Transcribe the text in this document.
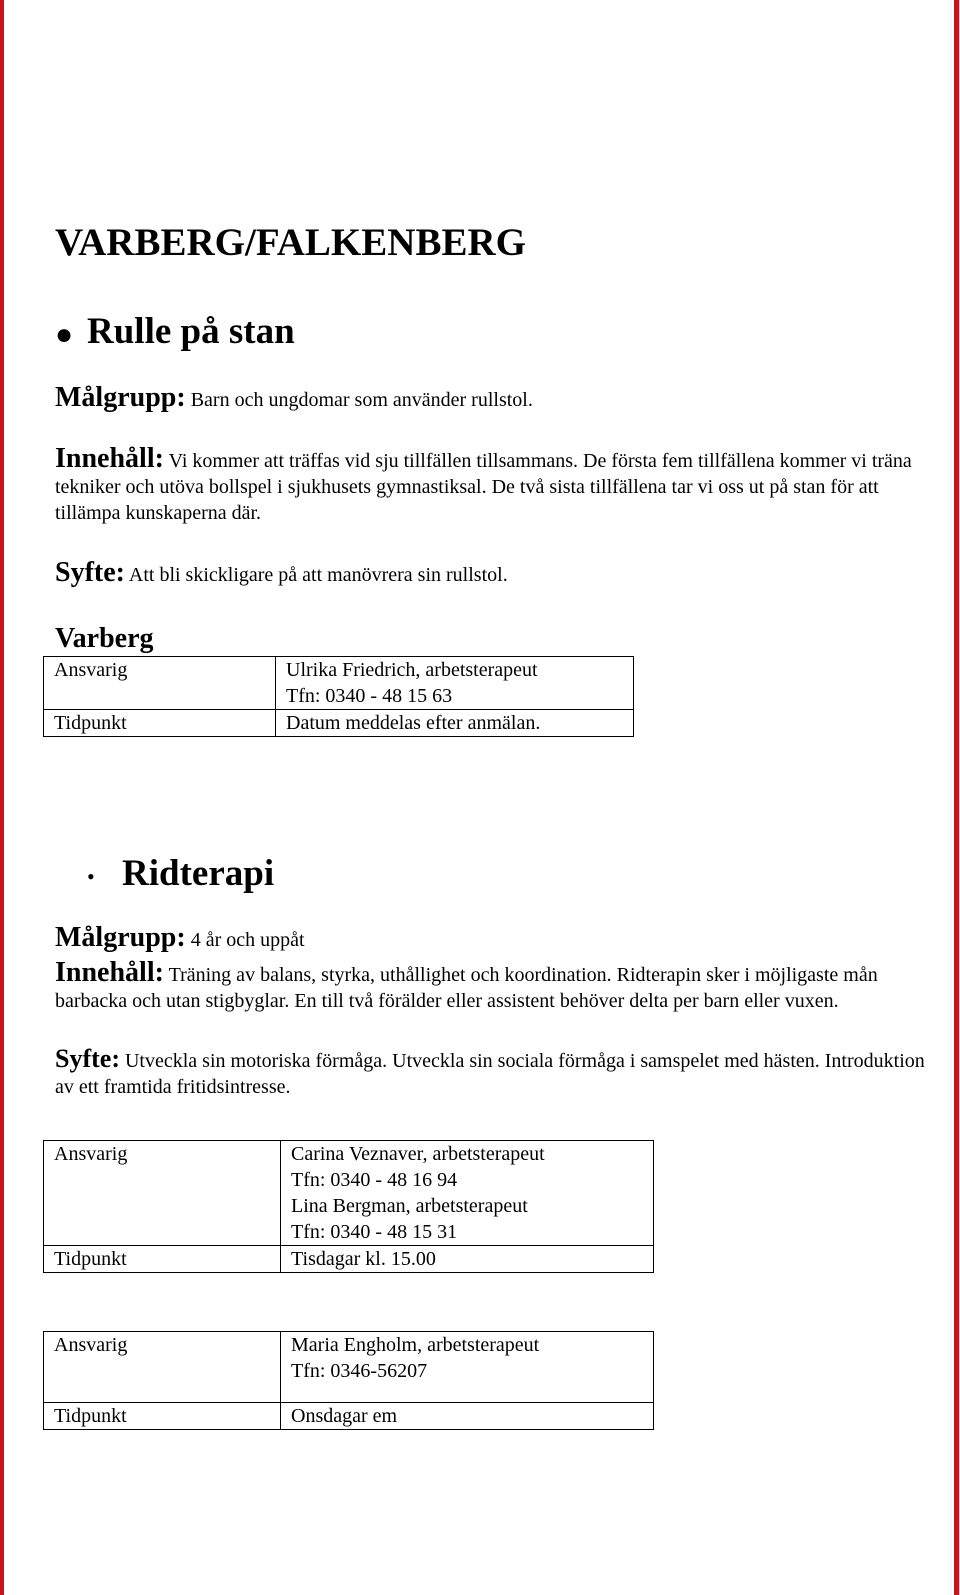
VARBERG/FALKENBERG
● Rulle på stan

Målgrupp: Barn och ungdomar som använder rullstol.

Innehåll: Vi kommer att träffas vid sju tillfällen tillsammans. De första fem tillfällena kommer vi träna tekniker och utöva bollspel i sjukhusets gymnastiksal. De två sista tillfällena tar vi oss ut på stan för att tillämpa kunskaperna där.

Syfte: Att bli skickligare på att manövrera sin rullstol.

Varberg
Ansvarig	Ulrika Friedrich, arbetsterapeut
Tfn: 0340 - 48 15 63

Tidpunkt	Datum meddelas efter anmälan.
• Ridterapi

Målgrupp: 4 år och uppåt

Innehåll: Träning av balans, styrka, uthållighet och koordination. Ridterapin sker i möjligaste mån barbacka och utan stigbyglar. En till två förälder eller assistent behöver delta per barn eller vuxen.

Syfte: Utveckla sin motoriska förmåga. Utveckla sin sociala förmåga i samspelet med hästen. Introduktion av ett framtida fritidsintresse.

Ansvarig	Carina Veznaver, arbetsterapeut
Tfn: 0340 - 48 16 94
Lina Bergman, arbetsterapeut
Tfn: 0340 - 48 15 31

Tidpunkt	Tisdagar kl. 15.00
Ansvarig	Maria Engholm, arbetsterapeut
Tfn: 0346-56207

Tidpunkt	Onsdagar em
